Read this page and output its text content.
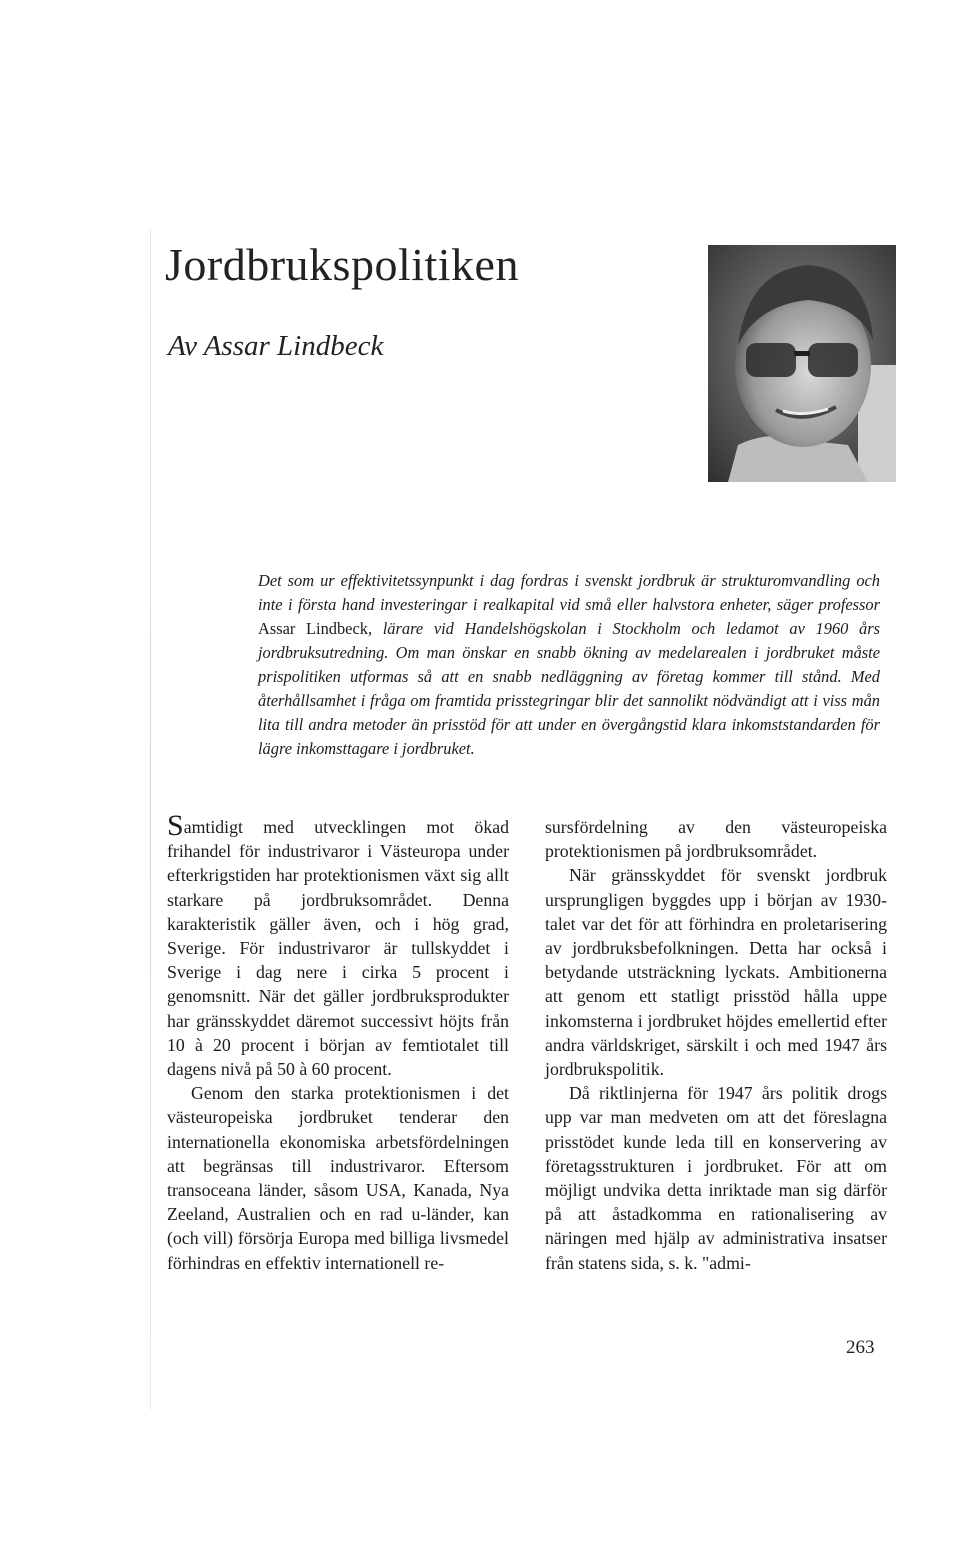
Jordbrukspolitiken
Av Assar Lindbeck
Det som ur effektivitetssynpunkt i dag fordras i svenskt jordbruk är strukturomvandling och inte i första hand investeringar i realkapital vid små eller halvstora enheter, säger professor Assar Lindbeck, lärare vid Handelshögskolan i Stockholm och ledamot av 1960 års jordbruksutredning. Om man önskar en snabb ökning av medelarealen i jordbruket måste prispolitiken utformas så att en snabb nedläggning av företag kommer till stånd. Med återhållsamhet i fråga om framtida prisstegringar blir det sannolikt nödvändigt att i viss mån lita till andra metoder än prisstöd för att under en övergångstid klara inkomststandarden för lägre inkomsttagare i jordbruket.

Samtidigt med utvecklingen mot ökad frihandel för industrivaror i Västeuropa under efterkrigstiden har protektionismen växt sig allt starkare på jordbruksområdet. Denna karakteristik gäller även, och i hög grad, Sverige. För industrivaror är tullskyddet i Sverige i dag nere i cirka 5 procent i genomsnitt. När det gäller jordbruksprodukter har gränsskyddet däremot successivt höjts från 10 à 20 procent i början av femtiotalet till dagens nivå på 50 à 60 procent.

Genom den starka protektionismen i det västeuropeiska jordbruket tenderar den internationella ekonomiska arbetsfördelningen att begränsas till industrivaror. Eftersom transoceana länder, såsom USA, Kanada, Nya Zeeland, Australien och en rad u-länder, kan (och vill) försörja Europa med billiga livsmedel förhindras en effektiv internationell re-

sursfördelning av den västeuropeiska protektionismen på jordbruksområdet.

När gränsskyddet för svenskt jordbruk ursprungligen byggdes upp i början av 1930-talet var det för att förhindra en proletarisering av jordbruksbefolkningen. Detta har också i betydande utsträckning lyckats. Ambitionerna att genom ett statligt prisstöd hålla uppe inkomsterna i jordbruket höjdes emellertid efter andra världskriget, särskilt i och med 1947 års jordbrukspolitik.

Då riktlinjerna för 1947 års politik drogs upp var man medveten om att det föreslagna prisstödet kunde leda till en konservering av företagsstrukturen i jordbruket. För att om möjligt undvika detta inriktade man sig därför på att åstadkomma en rationalisering av näringen med hjälp av administrativa insatser från statens sida, s. k. "admi-

263
